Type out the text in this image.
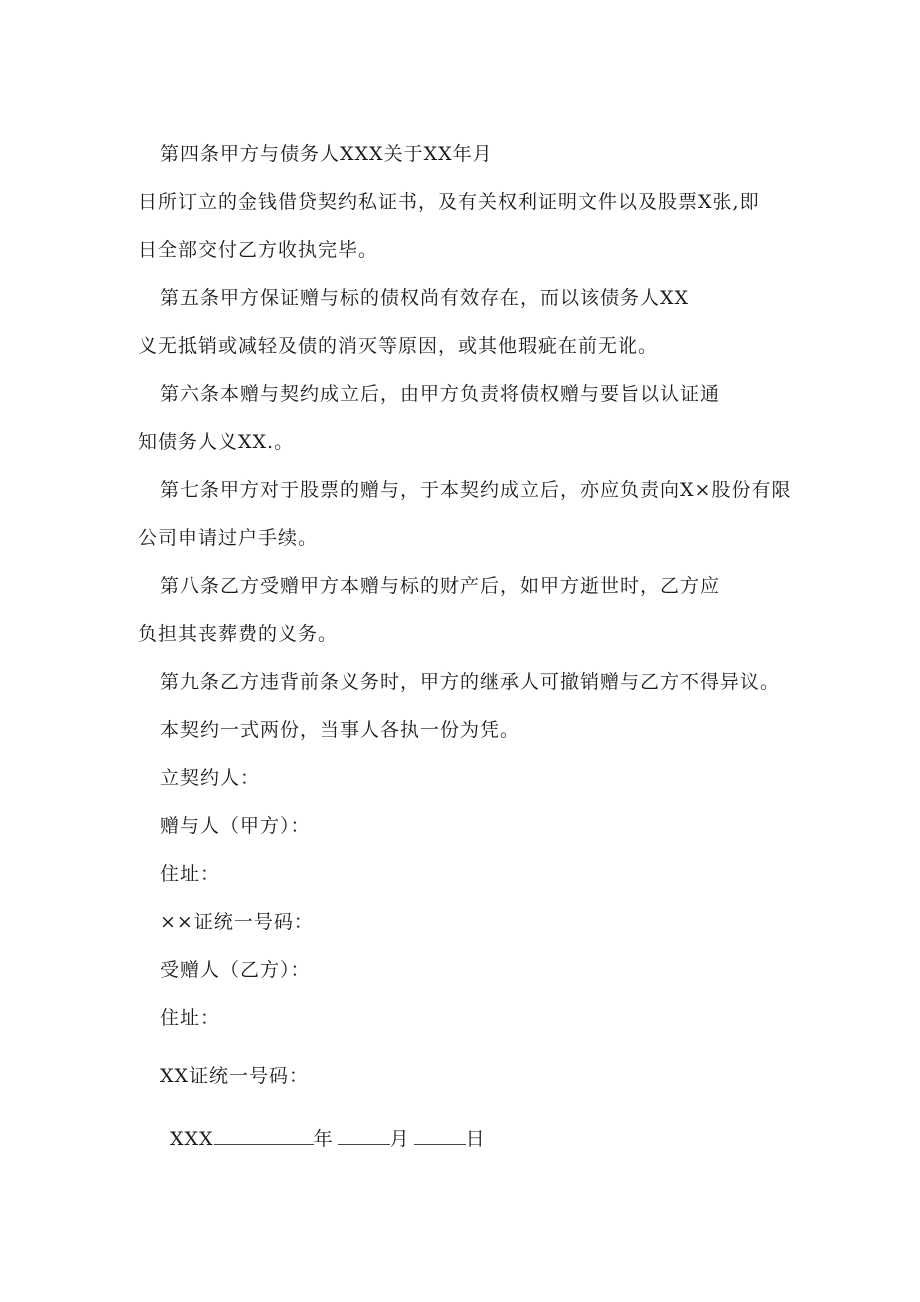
第四条甲方与债务人XXX关于XX年月
日所订立的金钱借贷契约私证书，及有关权利证明文件以及股票X张,即
日全部交付乙方收执完毕。
第五条甲方保证赠与标的债权尚有效存在，而以该债务人XX
义无抵销或减轻及债的消灭等原因，或其他瑕疵在前无讹。
第六条本赠与契约成立后，由甲方负责将债权赠与要旨以认证通
知债务人义XX.。
第七条甲方对于股票的赠与，于本契约成立后，亦应负责向X×股份有限
公司申请过户手续。
第八条乙方受赠甲方本赠与标的财产后，如甲方逝世时，乙方应
负担其丧葬费的义务。
第九条乙方违背前条义务时，甲方的继承人可撤销赠与乙方不得异议。
本契约一式两份，当事人各执一份为凭。
立契约人：
赠与人（甲方）：
住址：
××证统一号码：
受赠人（乙方）：
住址：
XX证统一号码：
XXX	年	月	日
